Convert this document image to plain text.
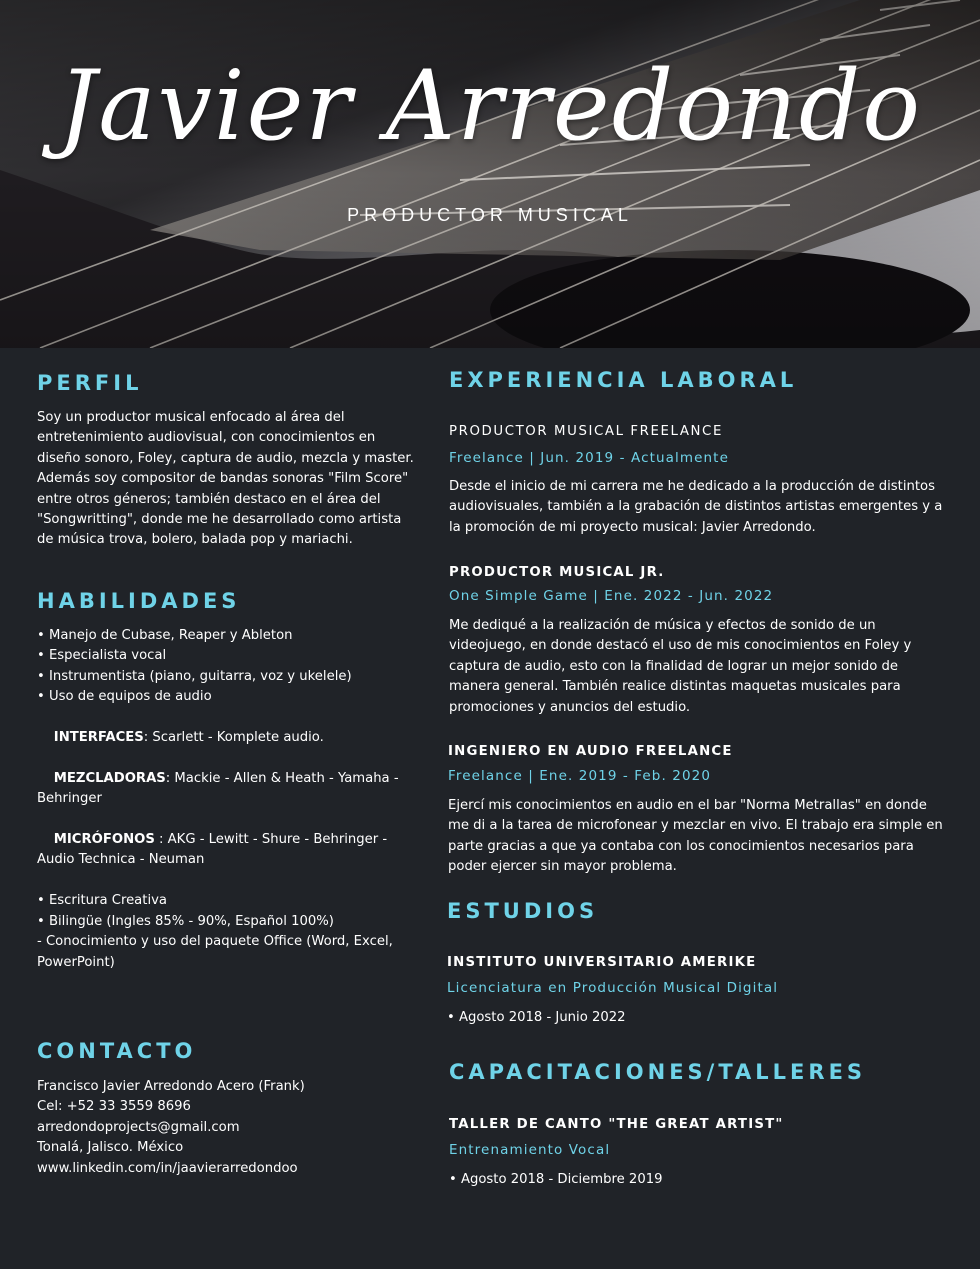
Javier Arredondo
PRODUCTOR MUSICAL
PERFIL

Soy un productor musical enfocado al área del
entretenimiento audiovisual, con conocimientos en
diseño sonoro, Foley, captura de audio, mezcla y master.
Además soy compositor de bandas sonoras "Film Score"
entre otros géneros; también destaco en el área del
"Songwritting", donde me he desarrollado como artista
de música trova, bolero, balada pop y mariachi.

HABILIDADES

• Manejo de Cubase, Reaper y Ableton
• Especialista vocal
• Instrumentista (piano, guitarra, voz y ukelele)
• Uso de equipos de audio

INTERFACES: Scarlett - Komplete audio.

MEZCLADORAS: Mackie - Allen & Heath - Yamaha -
Behringer

MICRÓFONOS : AKG - Lewitt - Shure - Behringer -
Audio Technica - Neuman

• Escritura Creativa
• Bilingüe (Ingles 85% - 90%, Español 100%)
- Conocimiento y uso del paquete Office (Word, Excel,
PowerPoint)

CONTACTO

Francisco Javier Arredondo Acero (Frank)
Cel: +52 33 3559 8696
arredondoprojects@gmail.com
Tonalá, Jalisco. México
www.linkedin.com/in/jaavierarredondoo

EXPERIENCIA LABORAL
PRODUCTOR MUSICAL FREELANCE
Freelance | Jun. 2019 - Actualmente

Desde el inicio de mi carrera me he dedicado a la producción de distintos
audiovisuales, también a la grabación de distintos artistas emergentes y a
la promoción de mi proyecto musical: Javier Arredondo.

PRODUCTOR MUSICAL JR.
One Simple Game | Ene. 2022 - Jun. 2022

Me dediqué a la realización de música y efectos de sonido de un
videojuego, en donde destacó el uso de mis conocimientos en Foley y
captura de audio, esto con la finalidad de lograr un mejor sonido de
manera general. También realice distintas maquetas musicales para
promociones y anuncios del estudio.

INGENIERO EN AUDIO FREELANCE
Freelance | Ene. 2019 - Feb. 2020

Ejercí mis conocimientos en audio en el bar "Norma Metrallas" en donde
me di a la tarea de microfonear y mezclar en vivo. El trabajo era simple en
parte gracias a que ya contaba con los conocimientos necesarios para
poder ejercer sin mayor problema.

ESTUDIOS
INSTITUTO UNIVERSITARIO AMERIKE
Licenciatura en Producción Musical Digital

• Agosto 2018 - Junio 2022

CAPACITACIONES/TALLERES
TALLER DE CANTO "THE GREAT ARTIST"
Entrenamiento Vocal

• Agosto 2018 - Diciembre 2019
